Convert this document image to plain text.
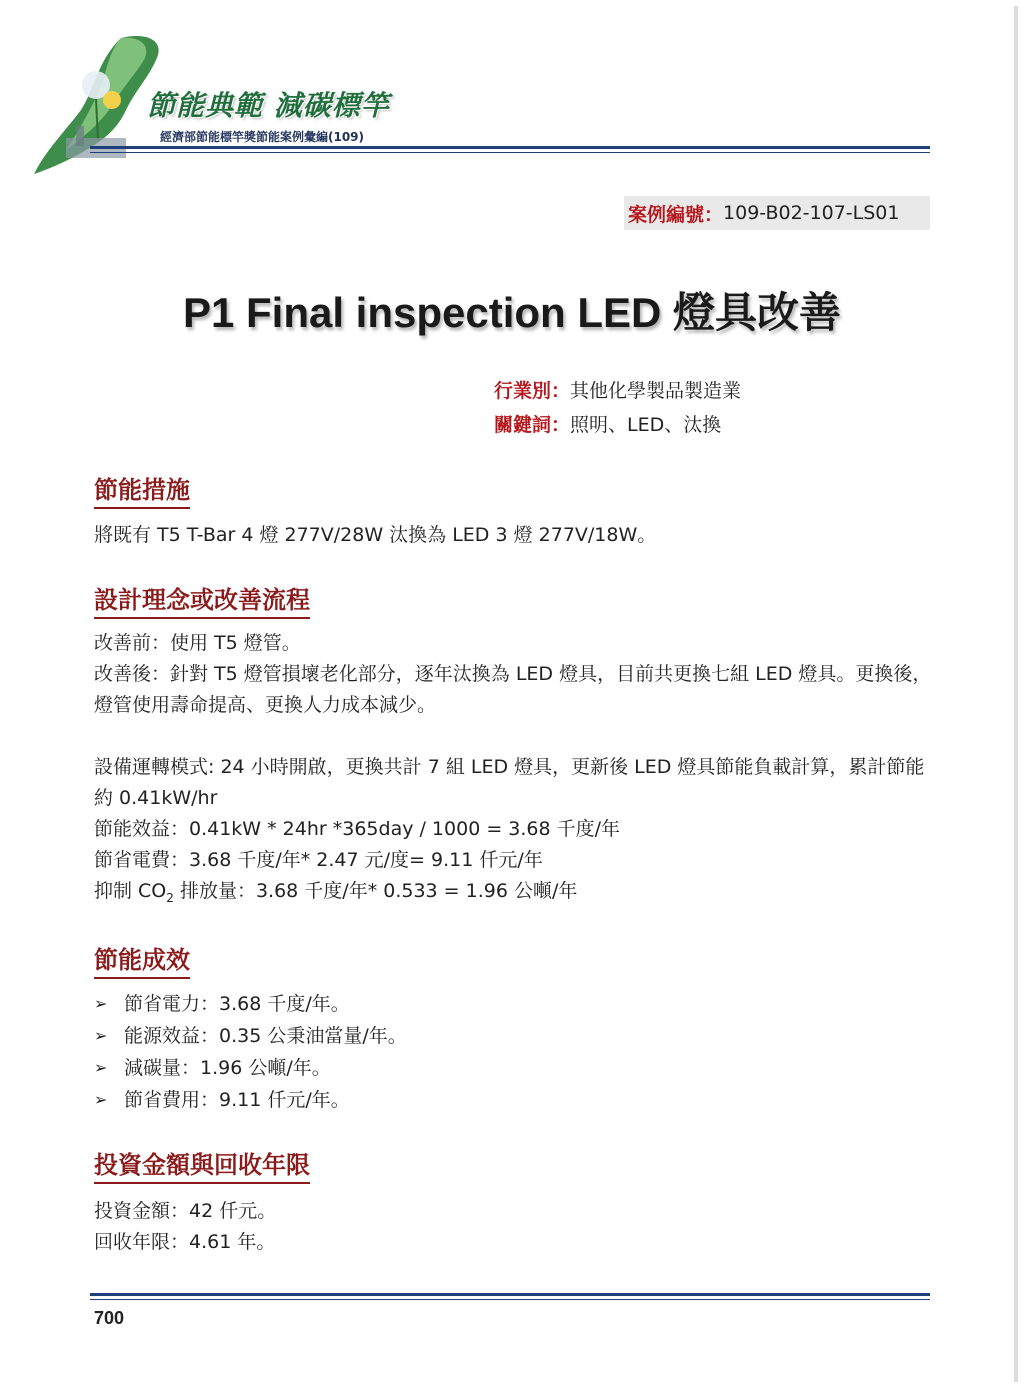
節能典範 減碳標竿
經濟部節能標竿獎節能案例彙編(109)
案例編號： 109-B02-107-LS01
P1 Final inspection LED 燈具改善
行業別：其他化學製品製造業
關鍵詞：照明、LED、汰換
節能措施
將既有 T5 T-Bar 4 燈 277V/28W 汰換為 LED 3 燈 277V/18W。
設計理念或改善流程

改善前：使用 T5 燈管。

改善後：針對 T5 燈管損壞老化部分，逐年汰換為 LED 燈具，目前共更換七組 LED 燈具。更換後，燈管使用壽命提高、更換人力成本減少。

設備運轉模式: 24 小時開啟，更換共計 7 組 LED 燈具，更新後 LED 燈具節能負載計算，累計節能約 0.41kW/hr

節能效益：0.41kW * 24hr *365day / 1000 = 3.68 千度/年

節省電費：3.68 千度/年* 2.47 元/度= 9.11 仟元/年

抑制 $CO_2$ 排放量：3.68 千度/年* 0.533 = 1.96 公噸/年

節能成效
➢ 節省電力：3.68 千度/年。
➢ 能源效益：0.35 公秉油當量/年。
➢ 減碳量：1.96 公噸/年。
➢ 節省費用：9.11 仟元/年。
投資金額與回收年限

投資金額：42 仟元。

回收年限：4.61 年。

700
